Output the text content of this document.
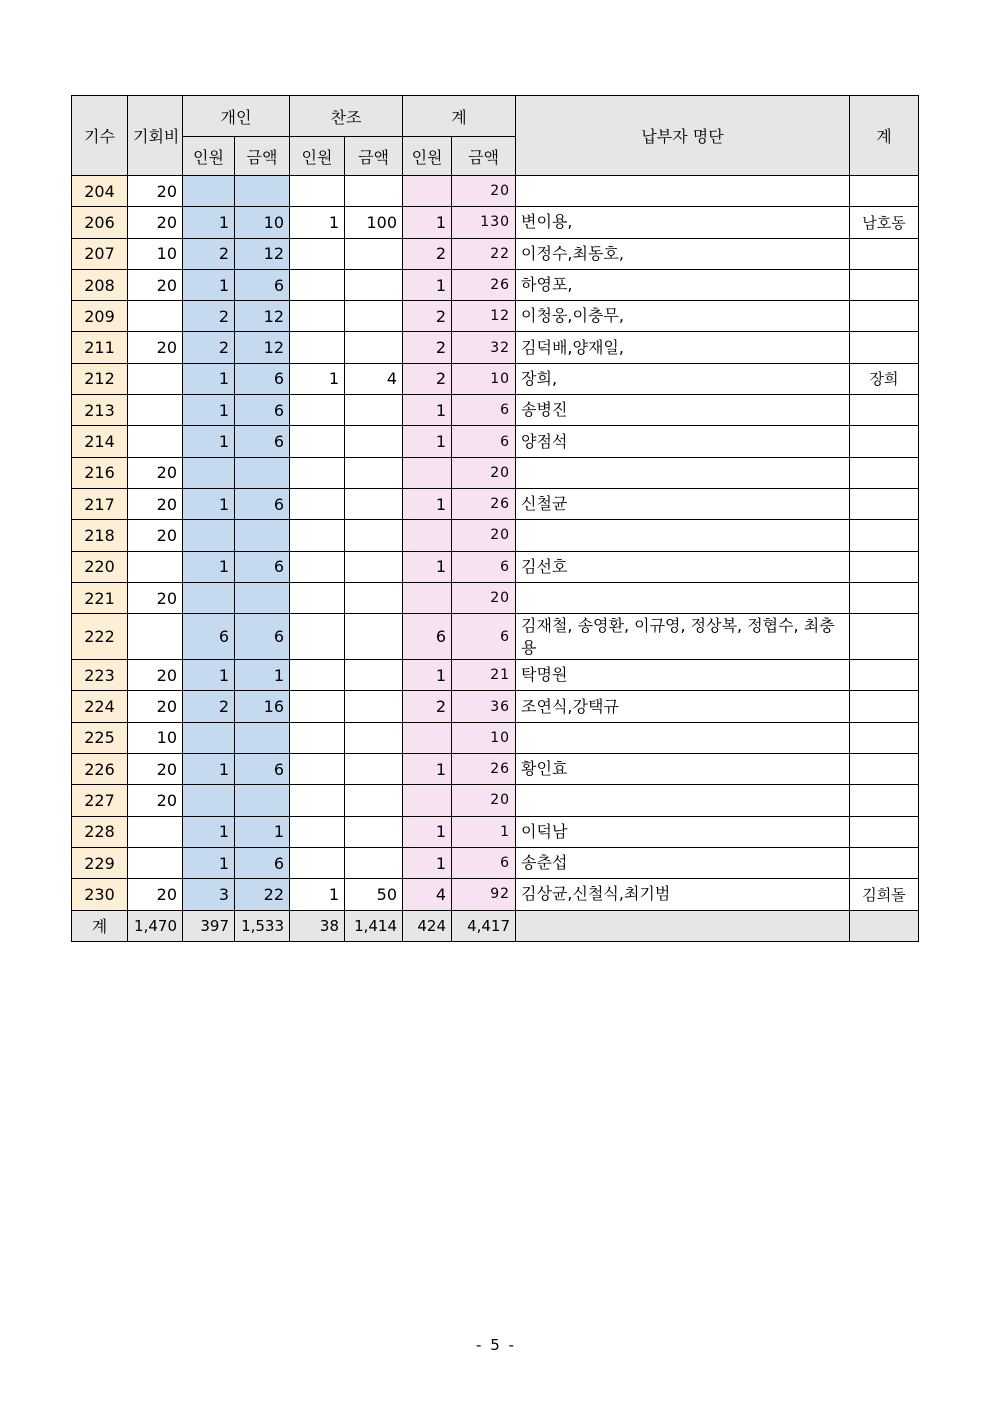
기수	기회비	개인		찬조		계		납부자 명단	계
		인원	금액	인원	금액	인원	금액		
204	20						20		
206	20	1	10	1	100	1	130	변이용,	남호동
207	10	2	12			2	22	이정수,최동호,	
208	20	1	6			1	26	하영포,	
209		2	12			2	12	이청웅,이충무,	
211	20	2	12			2	32	김덕배,양재일,	
212		1	6	1	4	2	10	장희,	장희
213		1	6			1	6	송병진	
214		1	6			1	6	양점석	
216	20						20		
217	20	1	6			1	26	신철균	
218	20						20		
220		1	6			1	6	김선호	
221	20						20		
222		6	6			6	6	김재철, 송영환, 이규영, 정상복, 정협수, 최충용	
223	20	1	1			1	21	탁명원	
224	20	2	16			2	36	조연식,강택규	
225	10						10		
226	20	1	6			1	26	황인효	
227	20						20		
228		1	1			1	1	이덕남	
229		1	6			1	6	송춘섭	
230	20	3	22	1	50	4	92	김상균,신철식,최기범	김희돌
계	1,470	397	1,533	38	1,414	424	4,417		
- 5 -
